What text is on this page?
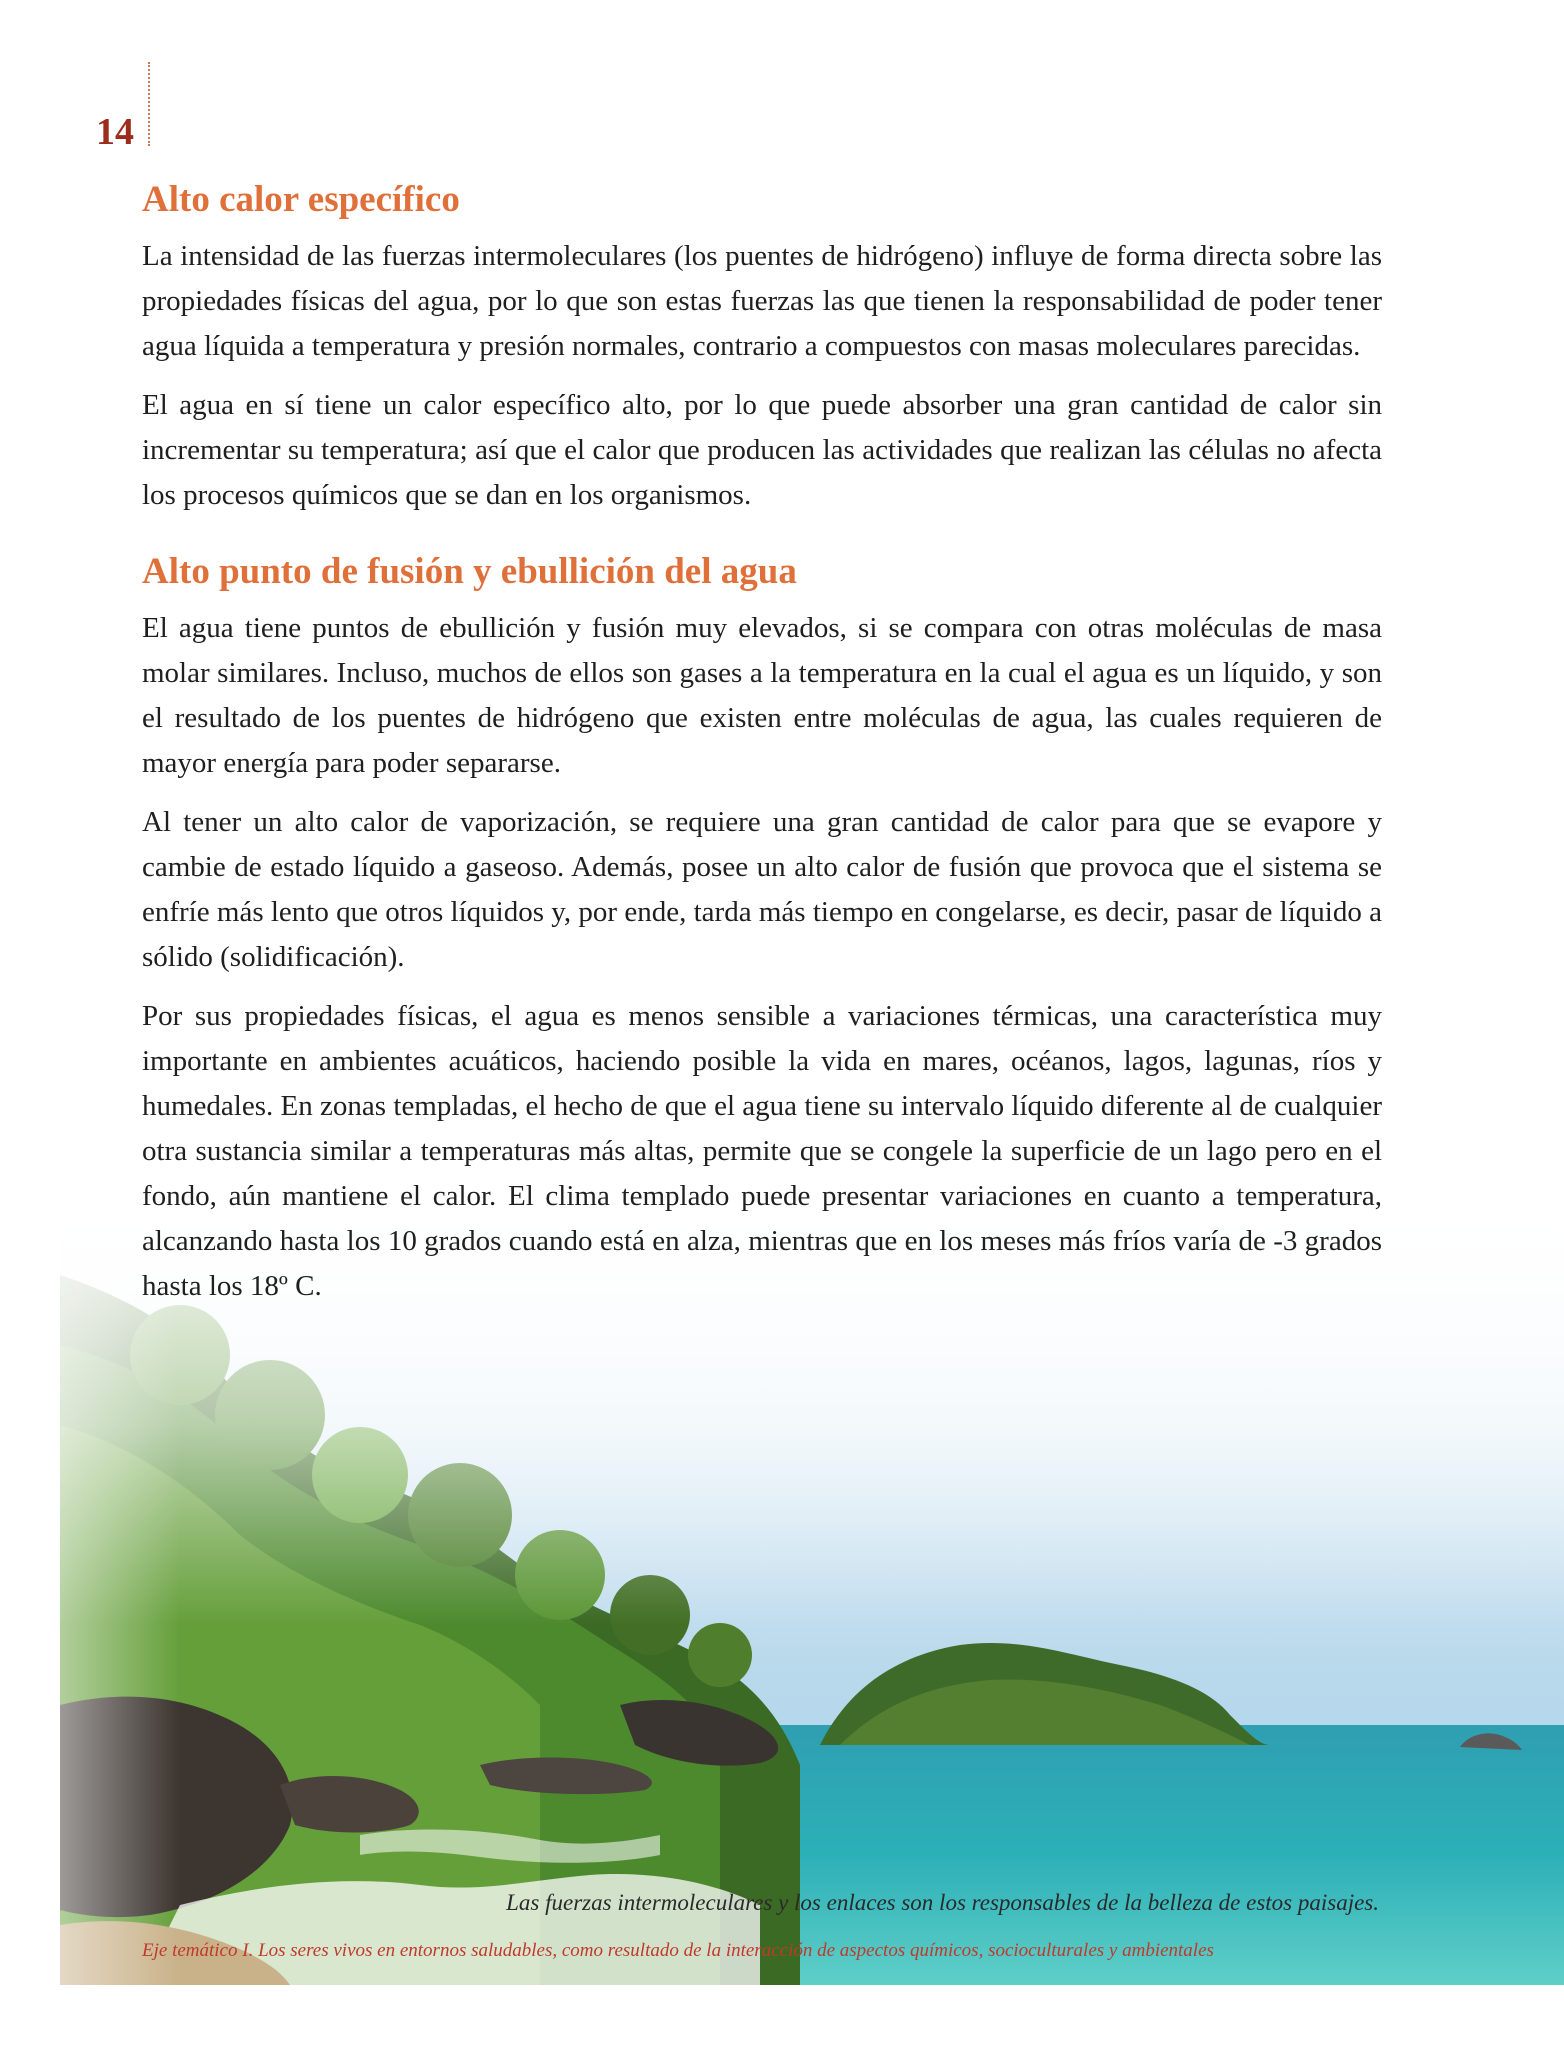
14
Alto calor específico

La intensidad de las fuerzas intermoleculares (los puentes de hidrógeno) influye de forma directa sobre las propiedades físicas del agua, por lo que son estas fuerzas las que tienen la responsabilidad de poder tener agua líquida a temperatura y presión normales, contrario a compuestos con masas moleculares parecidas.

El agua en sí tiene un calor específico alto, por lo que puede absorber una gran cantidad de calor sin incrementar su temperatura; así que el calor que producen las actividades que realizan las células no afecta los procesos químicos que se dan en los organismos.

Alto punto de fusión y ebullición del agua

El agua tiene puntos de ebullición y fusión muy elevados, si se compara con otras moléculas de masa molar similares. Incluso, muchos de ellos son gases a la temperatura en la cual el agua es un líquido, y son el resultado de los puentes de hidrógeno que existen entre moléculas de agua, las cuales requieren de mayor energía para poder separarse.

Al tener un alto calor de vaporización, se requiere una gran cantidad de calor para que se evapore y cambie de estado líquido a gaseoso. Además, posee un alto calor de fusión que provoca que el sistema se enfríe más lento que otros líquidos y, por ende, tarda más tiempo en congelarse, es decir, pasar de líquido a sólido (solidificación).

Por sus propiedades físicas, el agua es menos sensible a variaciones térmicas, una característica muy importante en ambientes acuáticos, haciendo posible la vida en mares, océanos, lagos, lagunas, ríos y humedales. En zonas templadas, el hecho de que el agua tiene su intervalo líquido diferente al de cualquier otra sustancia similar a temperaturas más altas, permite que se congele la superficie de un lago pero en el fondo, aún mantiene el calor. El clima templado puede presentar variaciones en cuanto a temperatura, alcanzando hasta los 10 grados cuando está en alza, mientras que en los meses más fríos varía de -3 grados hasta los 18º C.

Las fuerzas intermoleculares y los enlaces son los responsables de la belleza de estos paisajes.
Eje temático I. Los seres vivos en entornos saludables, como resultado de la interacción de aspectos químicos, socioculturales y ambientales
